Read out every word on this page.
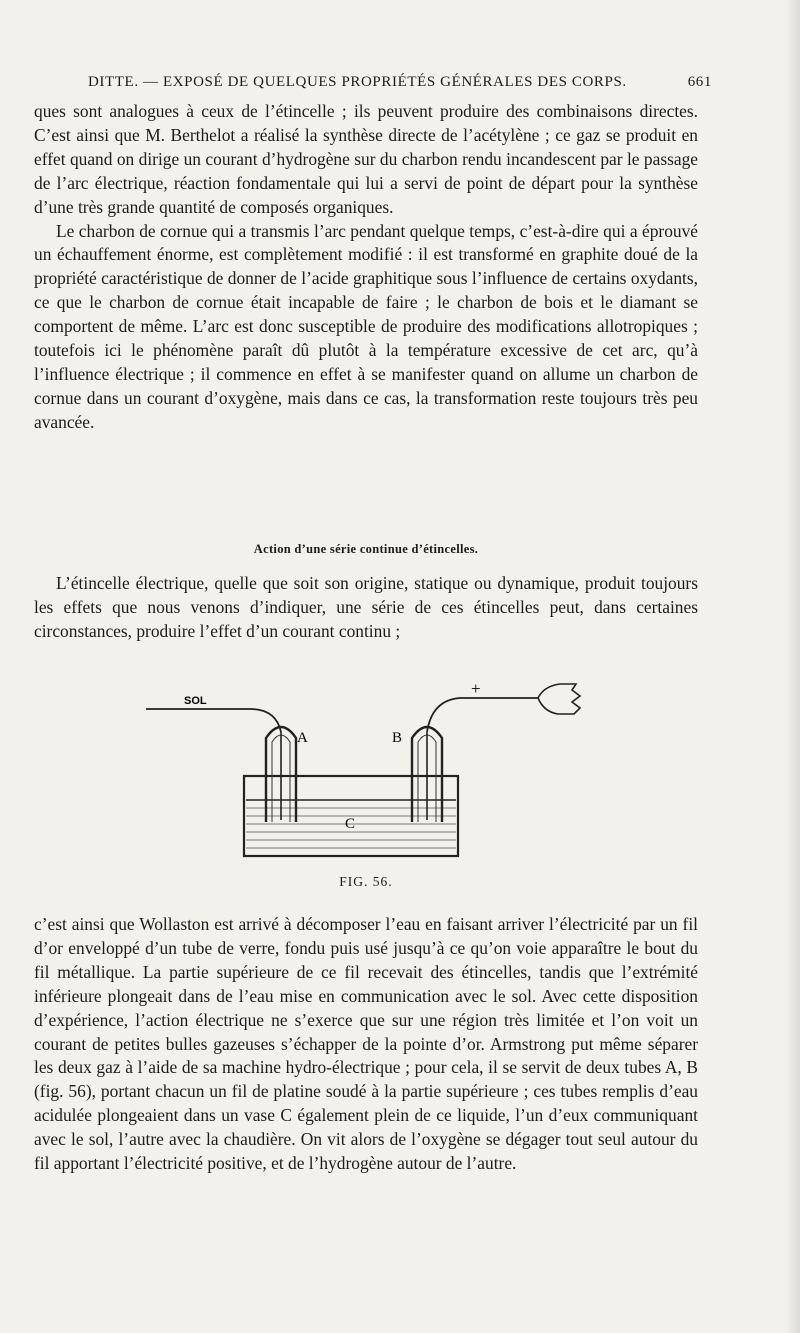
DITTE. — EXPOSÉ DE QUELQUES PROPRIÉTÉS GÉNÉRALES DES CORPS.	661

ques sont analogues à ceux de l’étincelle ; ils peuvent produire des combinaisons directes. C’est ainsi que M. Berthelot a réalisé la synthèse directe de l’acétylène ; ce gaz se produit en effet quand on dirige un courant d’hydrogène sur du charbon rendu incandescent par le passage de l’arc électrique, réaction fondamentale qui lui a servi de point de départ pour la synthèse d’une très grande quantité de composés organiques.

Le charbon de cornue qui a transmis l’arc pendant quelque temps, c’est-à-dire qui a éprouvé un échauffement énorme, est complètement modifié : il est transformé en graphite doué de la propriété caractéristique de donner de l’acide graphitique sous l’influence de certains oxydants, ce que le charbon de cornue était incapable de faire ; le charbon de bois et le diamant se comportent de même. L’arc est donc susceptible de produire des modifications allotropiques ; toutefois ici le phénomène paraît dû plutôt à la température excessive de cet arc, qu’à l’influence électrique ; il commence en effet à se manifester quand on allume un charbon de cornue dans un courant d’oxygène, mais dans ce cas, la transformation reste toujours très peu avancée.

Action d’une série continue d’étincelles.

L’étincelle électrique, quelle que soit son origine, statique ou dynamique, produit toujours les effets que nous venons d’indiquer, une série de ces étincelles peut, dans certaines circonstances, produire l’effet d’un courant continu ;

SOL
+
A	B
C
FIG. 56.

c’est ainsi que Wollaston est arrivé à décomposer l’eau en faisant arriver l’électricité par un fil d’or enveloppé d’un tube de verre, fondu puis usé jusqu’à ce qu’on voie apparaître le bout du fil métallique. La partie supérieure de ce fil recevait des étincelles, tandis que l’extrémité inférieure plongeait dans de l’eau mise en communication avec le sol. Avec cette disposition d’expérience, l’action électrique ne s’exerce que sur une région très limitée et l’on voit un courant de petites bulles gazeuses s’échapper de la pointe d’or. Armstrong put même séparer les deux gaz à l’aide de sa machine hydro-électrique ; pour cela, il se servit de deux tubes A, B (fig. 56), portant chacun un fil de platine soudé à la partie supérieure ; ces tubes remplis d’eau acidulée plongeaient dans un vase C également plein de ce liquide, l’un d’eux communiquant avec le sol, l’autre avec la chaudière. On vit alors de l’oxygène se dégager tout seul autour du fil apportant l’électricité positive, et de l’hydrogène autour de l’autre.
